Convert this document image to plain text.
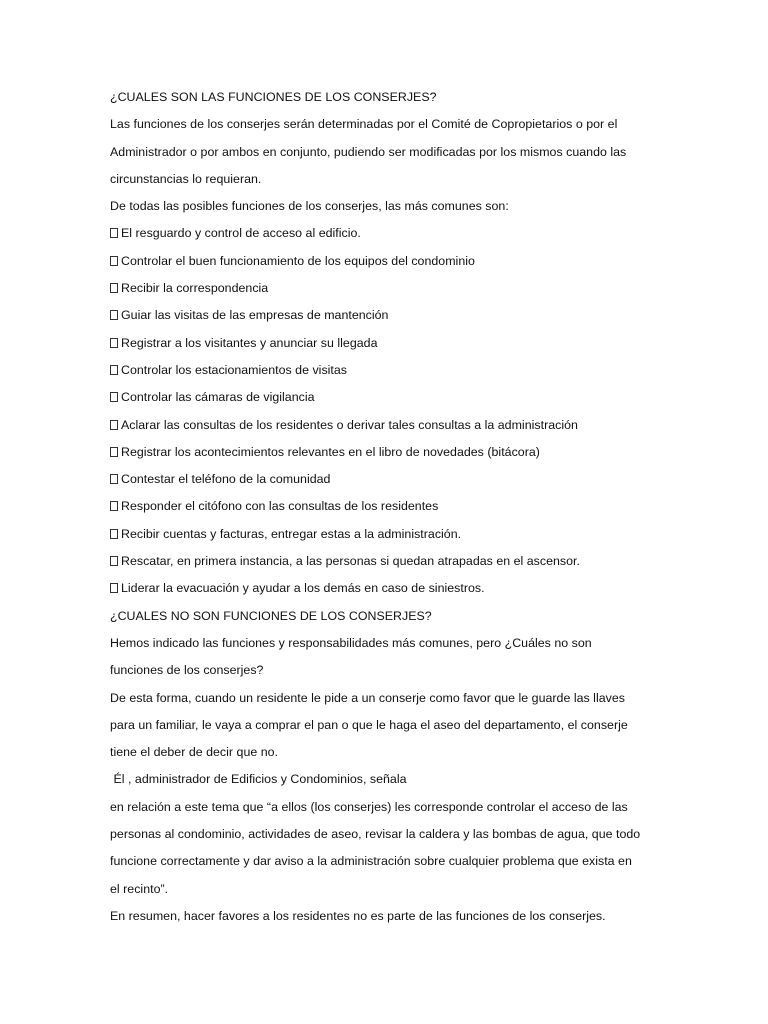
¿CUALES SON LAS FUNCIONES DE LOS CONSERJES?
Las funciones de los conserjes serán determinadas por el Comité de Copropietarios o por el
Administrador o por ambos en conjunto, pudiendo ser modificadas por los mismos cuando las
circunstancias lo requieran.
De todas las posibles funciones de los conserjes, las más comunes son:
El resguardo y control de acceso al edificio.
Controlar el buen funcionamiento de los equipos del condominio
Recibir la correspondencia
Guiar las visitas de las empresas de mantención
Registrar a los visitantes y anunciar su llegada
Controlar los estacionamientos de visitas
Controlar las cámaras de vigilancia
Aclarar las consultas de los residentes o derivar tales consultas a la administración
Registrar los acontecimientos relevantes en el libro de novedades (bitácora)
Contestar el teléfono de la comunidad
Responder el citófono con las consultas de los residentes
Recibir cuentas y facturas, entregar estas a la administración.
Rescatar, en primera instancia, a las personas si quedan atrapadas en el ascensor.
Liderar la evacuación y ayudar a los demás en caso de siniestros.
¿CUALES NO SON FUNCIONES DE LOS CONSERJES?
Hemos indicado las funciones y responsabilidades más comunes, pero ¿Cuáles no son
funciones de los conserjes?
De esta forma, cuando un residente le pide a un conserje como favor que le guarde las llaves
para un familiar, le vaya a comprar el pan o que le haga el aseo del departamento, el conserje
tiene el deber de decir que no.
Él , administrador de Edificios y Condominios, señala
en relación a este tema que “a ellos (los conserjes) les corresponde controlar el acceso de las
personas al condominio, actividades de aseo, revisar la caldera y las bombas de agua, que todo
funcione correctamente y dar aviso a la administración sobre cualquier problema que exista en
el recinto”.
En resumen, hacer favores a los residentes no es parte de las funciones de los conserjes.
